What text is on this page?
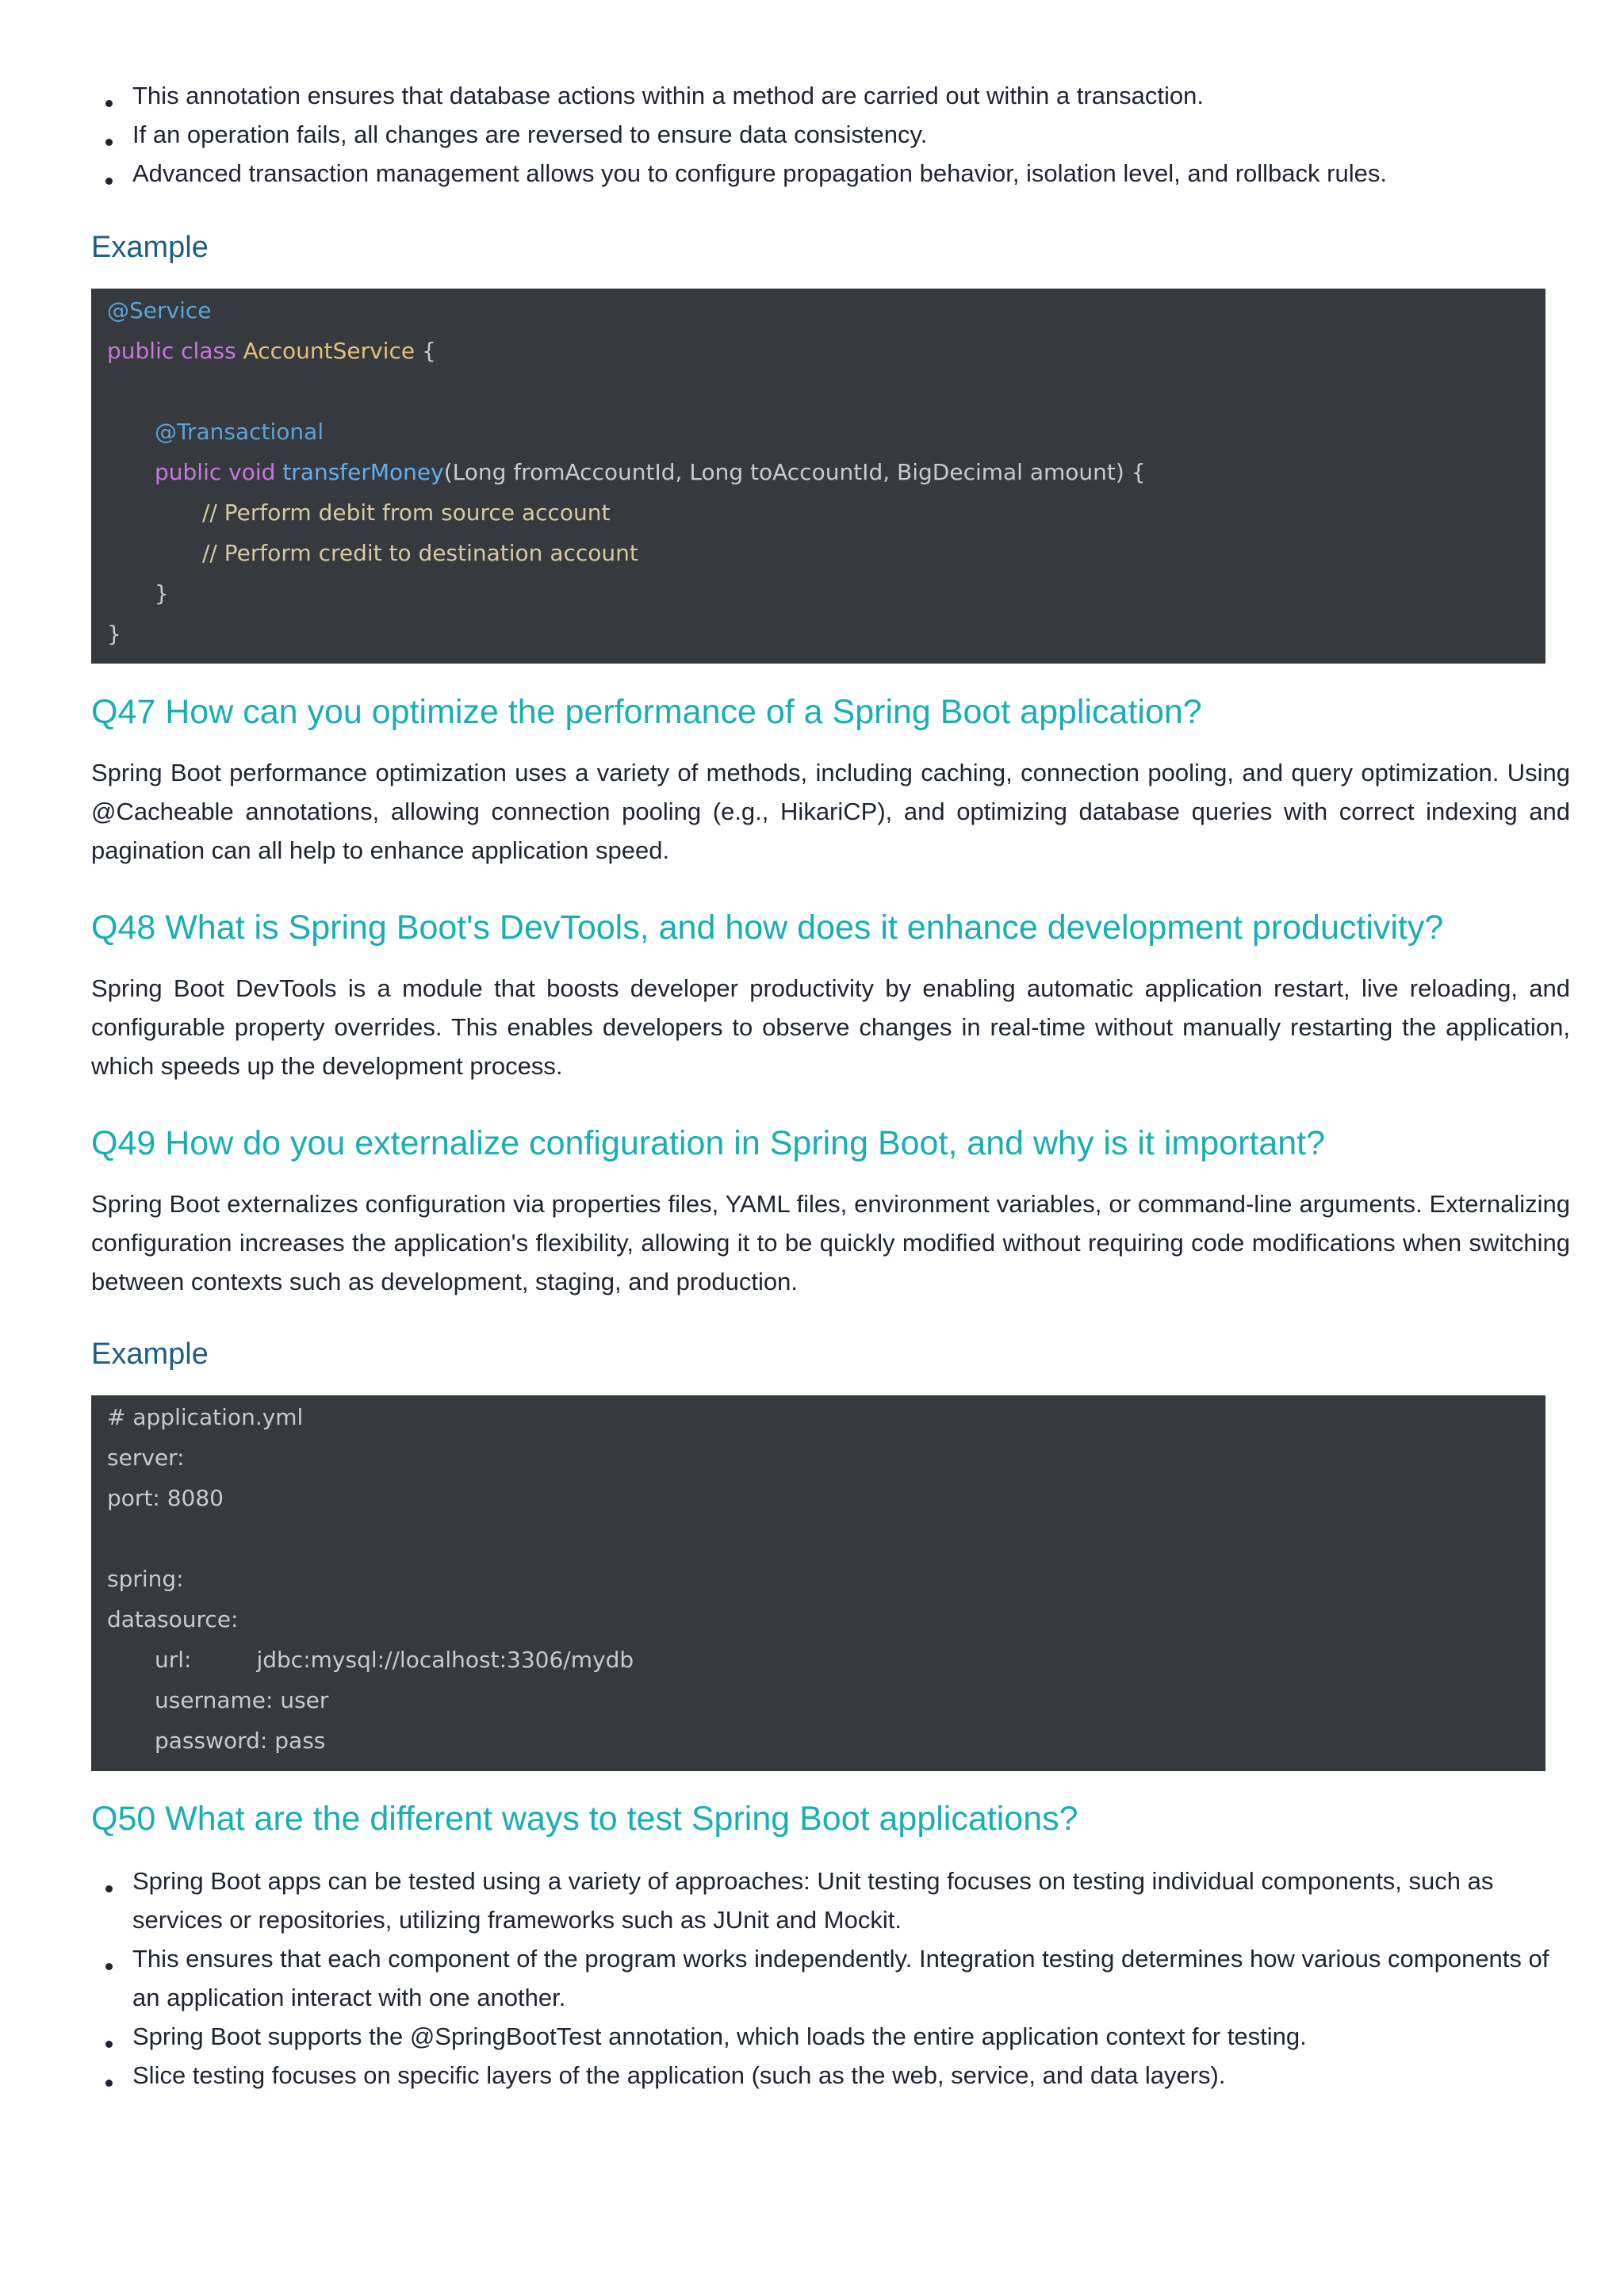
This annotation ensures that database actions within a method are carried out within a transaction.
If an operation fails, all changes are reversed to ensure data consistency.
Advanced transaction management allows you to configure propagation behavior, isolation level, and rollback rules.

Example

@Service
public class AccountService {
@Transactional
public void transferMoney(Long fromAccountId, Long toAccountId, BigDecimal amount) {
// Perform debit from source account
// Perform credit to destination account
}
}
Q47 How can you optimize the performance of a Spring Boot application?

Spring Boot performance optimization uses a variety of methods, including caching, connection pooling, and query optimization. Using @Cacheable annotations, allowing connection pooling (e.g., HikariCP), and optimizing database queries with correct indexing and pagination can all help to enhance application speed.

Q48 What is Spring Boot's DevTools, and how does it enhance development productivity?

Spring Boot DevTools is a module that boosts developer productivity by enabling automatic application restart, live reloading, and configurable property overrides. This enables developers to observe changes in real-time without manually restarting the application, which speeds up the development process.

Q49 How do you externalize configuration in Spring Boot, and why is it important?

Spring Boot externalizes configuration via properties files, YAML files, environment variables, or command-line arguments. Externalizing configuration increases the application's flexibility, allowing it to be quickly modified without requiring code modifications when switching between contexts such as development, staging, and production.

Example

# application.yml
server:
port: 8080
spring:
datasource:
url:	jdbc:mysql://localhost:3306/mydb
username: user
password: pass
Q50 What are the different ways to test Spring Boot applications?
Spring Boot apps can be tested using a variety of approaches: Unit testing focuses on testing individual components, such as services or repositories, utilizing frameworks such as JUnit and Mockit.
This ensures that each component of the program works independently. Integration testing determines how various components of an application interact with one another.
Spring Boot supports the @SpringBootTest annotation, which loads the entire application context for testing.
Slice testing focuses on specific layers of the application (such as the web, service, and data layers).
